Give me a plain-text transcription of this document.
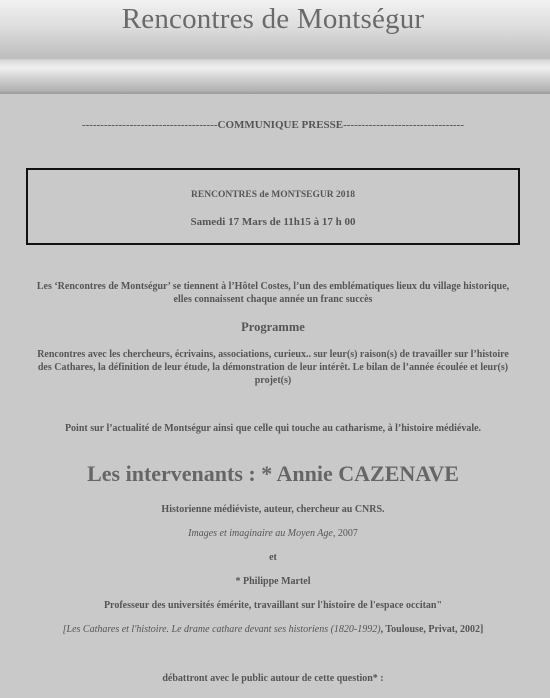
Rencontres de Montségur
-------------------------------------COMMUNIQUE PRESSE---------------------------------
RENCONTRES de MONTSEGUR 2018
Samedi 17 Mars de 11h15 à 17 h 00
Les ‘Rencontres de Montségur’ se tiennent à l’Hôtel Costes, l’un des emblématiques lieux du village historique,
elles connaissent chaque année un franc succès
Programme
Rencontres avec les chercheurs, écrivains, associations, curieux.. sur leur(s) raison(s) de travailler sur l’histoire
des Cathares, la définition de leur étude, la démonstration de leur intérêt. Le bilan de l’année écoulée et leur(s)
projet(s)
Point sur l’actualité de Montségur ainsi que celle qui touche au catharisme, à l’histoire médiévale.
Les intervenants : * Annie CAZENAVE
Historienne médiéviste, auteur, chercheur au CNRS.
Images et imaginaire au Moyen Age, 2007
et
* Philippe Martel
Professeur des universités émérite, travaillant sur l'histoire de l'espace occitan"
[Les Cathares et l'histoire. Le drame cathare devant ses historiens (1820-1992), Toulouse, Privat, 2002]
débattront avec le public autour de cette question* :
